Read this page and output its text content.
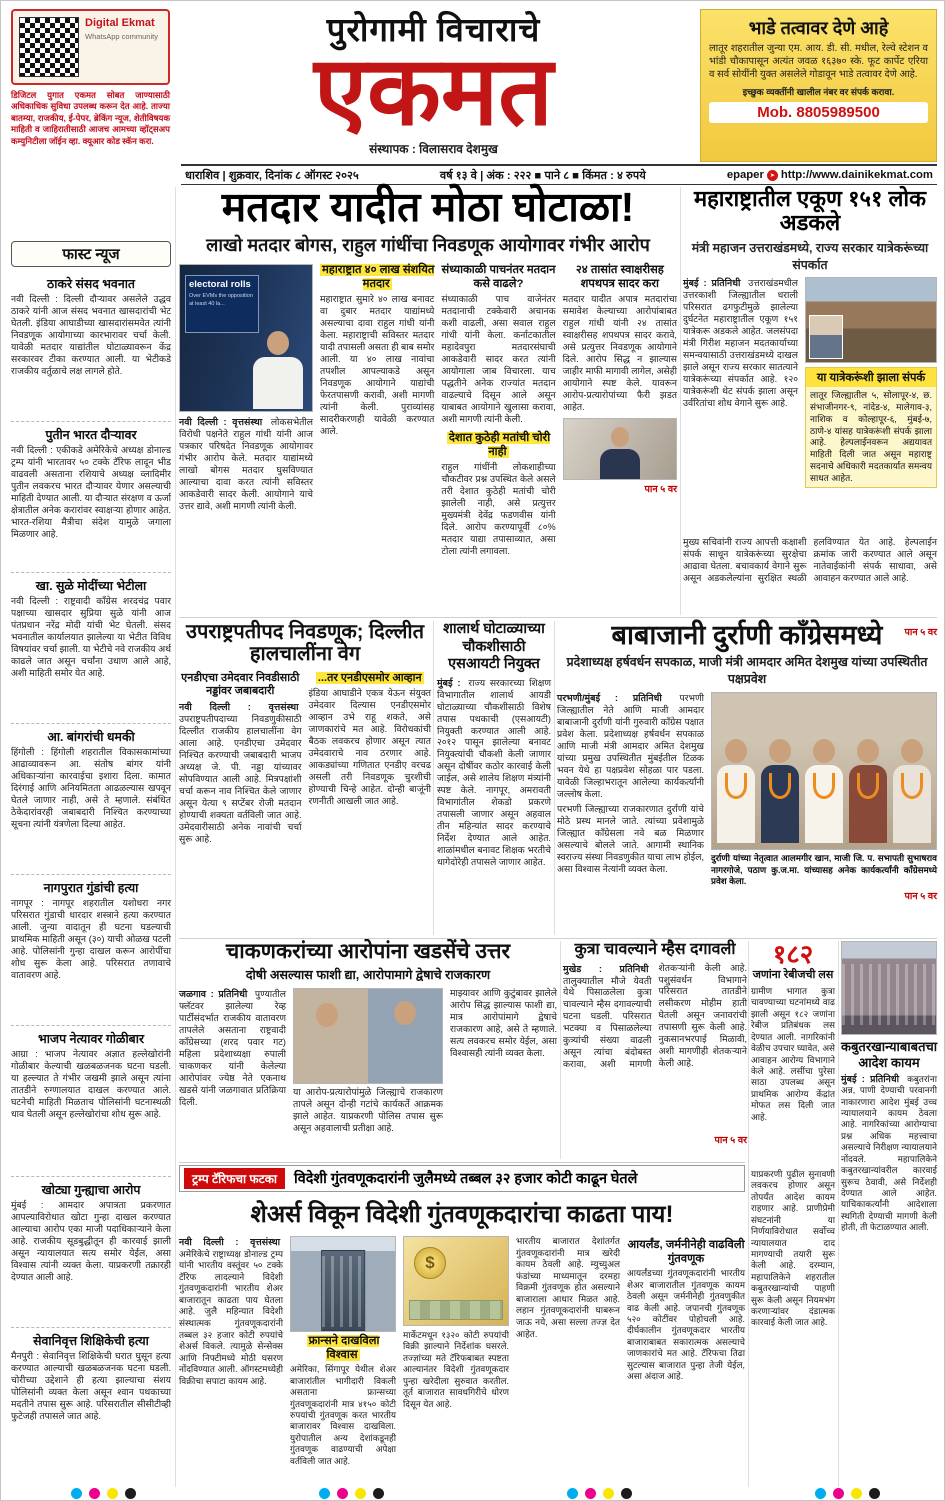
Digital Ekmat
WhatsApp community

डिजिटल युगात एकमत सोबत जाण्यासाठी अधिकाधिक सुविधा उपलब्ध करून देत आहे. ताज्या बातम्या, राजकीय, ई-पेपर, ब्रेकिंग न्यूज, शेतीविषयक माहिती व जाहिरातीसाठी आजच आमच्या व्हॉट्सअप कम्युनिटीला जॉईन व्हा. क्यूआर कोड स्कॅन करा.

पुरोगामी विचाराचे
एकमत
संस्थापक : विलासराव देशमुख
भाडे तत्वावर देणे आहे

लातूर शहरातील जुन्या एम. आय. डी. सी. मधील, रेल्वे स्टेशन व भांडी चौकापासून अत्यंत जवळ १६३७० स्के. फूट कार्पेट एरिया व सर्व सोयींनी युक्त असलेले गोडावून भाडे तत्वावर देणे आहे.

इच्छुक व्यक्तींनी खालील नंबर वर संपर्क करावा.
Mob. 8805989500
धाराशिव | शुक्रवार, दिनांक ८ ऑगस्ट २०२५	वर्ष १३ वे | अंक : २२२ ■ पाने ८ ■ किंमत : ४ रुपये	epaper ➤ http://www.dainikekmat.com
फास्ट न्यूज
ठाकरे संसद भवनात

नवी दिल्ली : दिल्ली दौऱ्यावर असलेले उद्धव ठाकरे यांनी आज संसद भवनात खासदारांची भेट घेतली. इंडिया आघाडीच्या खासदारांसमवेत त्यांनी निवडणूक आयोगाच्या कारभारावर चर्चा केली. यावेळी मतदार याद्यांतील घोटाळ्यावरून केंद्र सरकारवर टीका करण्यात आली. या भेटीकडे राजकीय वर्तुळाचे लक्ष लागले होते.

पुतीन भारत दौऱ्यावर

नवी दिल्ली : एकीकडे अमेरिकेचे अध्यक्ष डोनाल्ड ट्रम्प यांनी भारतावर ५० टक्के टॅरिफ लादून भीड वाढवली असताना रशियाचे अध्यक्ष व्लादिमीर पुतीन लवकरच भारत दौऱ्यावर येणार असल्याची माहिती देण्यात आली. या दौऱ्यात संरक्षण व ऊर्जा क्षेत्रातील अनेक करारांवर स्वाक्षऱ्या होणार आहेत. भारत-रशिया मैत्रीचा संदेश यामुळे जगाला मिळणार आहे.

खा. सुळे मोदींच्या भेटीला

नवी दिल्ली : राष्ट्रवादी काँग्रेस शरदचंद्र पवार पक्षाच्या खासदार सुप्रिया सुळे यांनी आज पंतप्रधान नरेंद्र मोदी यांची भेट घेतली. संसद भवनातील कार्यालयात झालेल्या या भेटीत विविध विषयांवर चर्चा झाली. या भेटीचे नवे राजकीय अर्थ काढले जात असून चर्चांना उधाण आले आहे, अशी माहिती समोर येत आहे.

आ. बांगरांची धमकी

हिंगोली : हिंगोली शहरातील विकासकामांच्या आढाव्यावरून आ. संतोष बांगर यांनी अधिकाऱ्यांना कारवाईचा इशारा दिला. कामात दिरंगाई आणि अनियमितता आढळल्यास खपवून घेतले जाणार नाही, असे ते म्हणाले. संबंधित ठेकेदारांवरही जबाबदारी निश्चित करण्याच्या सूचना त्यांनी यंत्रणेला दिल्या आहेत.

नागपुरात गुंडांची हत्या

नागपूर : नागपूर शहरातील यशोधरा नगर परिसरात गुंडाची धारदार शस्त्राने हत्या करण्यात आली. जुन्या वादातून ही घटना घडल्याची प्राथमिक माहिती असून (३०) याची ओळख पटली आहे. पोलिसांनी गुन्हा दाखल करून आरोपींचा शोध सुरू केला आहे. परिसरात तणावाचे वातावरण आहे.

भाजप नेत्यावर गोळीबार

आग्रा : भाजप नेत्यावर अज्ञात हल्लेखोरांनी गोळीबार केल्याची खळबळजनक घटना घडली. या हल्ल्यात ते गंभीर जखमी झाले असून त्यांना तातडीने रुग्णालयात दाखल करण्यात आले. घटनेची माहिती मिळताच पोलिसांनी घटनास्थळी धाव घेतली असून हल्लेखोरांचा शोध सुरू आहे.

खोट्या गुन्ह्याचा आरोप

मुंबई : आमदार अपात्रता प्रकरणात आपल्याविरोधात खोटा गुन्हा दाखल करण्यात आल्याचा आरोप एका माजी पदाधिकाऱ्याने केला आहे. राजकीय सूडबुद्धीतून ही कारवाई झाली असून न्यायालयात सत्य समोर येईल, असा विश्वास त्यांनी व्यक्त केला. याप्रकरणी तक्रारही देण्यात आली आहे.

सेवानिवृत्त शिक्षिकेची हत्या

मैनपुरी : सेवानिवृत्त शिक्षिकेची घरात घुसून हत्या करण्यात आल्याची खळबळजनक घटना घडली. चोरीच्या उद्देशाने ही हत्या झाल्याचा संशय पोलिसांनी व्यक्त केला असून श्वान पथकाच्या मदतीने तपास सुरू आहे. परिसरातील सीसीटीव्ही फुटेजही तपासले जात आहे.

मतदार यादीत मोठा घोटाळा!
लाखो मतदार बोगस, राहुल गांधींचा निवडणूक आयोगावर गंभीर आरोप
electoral rolls
Over EVMs the opposition at least 40 la...

नवी दिल्ली : वृत्तसंस्था लोकसभेतील विरोधी पक्षनेते राहुल गांधी यांनी आज पत्रकार परिषदेत निवडणूक आयोगावर गंभीर आरोप केले. मतदार याद्यांमध्ये लाखो बोगस मतदार घुसविण्यात आल्याचा दावा करत त्यांनी सविस्तर आकडेवारी सादर केली. आयोगाने याचे उत्तर द्यावे, अशी मागणी त्यांनी केली.

महाराष्ट्रात ४० लाख संशयित मतदार

महाराष्ट्रात सुमारे ४० लाख बनावट वा दुबार मतदार याद्यांमध्ये असल्याचा दावा राहुल गांधी यांनी केला. महाराष्ट्राची सविस्तर मतदार यादी तपासली असता ही बाब समोर आली. या ४० लाख नावांचा तपशील आपल्याकडे असून निवडणूक आयोगाने याद्यांची फेरतपासणी करावी, अशी मागणी त्यांनी केली. पुराव्यांसह सादरीकरणही यावेळी करण्यात आले.

संध्याकाळी पाचनंतर मतदान कसे वाढले?

संध्याकाळी पाच वाजेनंतर मतदानाची टक्केवारी अचानक कशी वाढली, असा सवाल राहुल गांधी यांनी केला. कर्नाटकातील महादेवपुरा मतदारसंघाची आकडेवारी सादर करत त्यांनी आयोगाला जाब विचारला. याच पद्धतीने अनेक राज्यांत मतदान वाढल्याचे दिसून आले असून याबाबत आयोगाने खुलासा करावा, अशी मागणी त्यांनी केली.

देशात कुठेही मतांची चोरी नाही

राहुल गांधींनी लोकशाहीच्या चौकटीवर प्रश्न उपस्थित केले असले तरी देशात कुठेही मतांची चोरी झालेली नाही, असे प्रत्युत्तर मुख्यमंत्री देवेंद्र फडणवीस यांनी दिले. आरोप करण्यापूर्वी ८०% मतदार याद्या तपासाव्यात, असा टोला त्यांनी लगावला.

२४ तासांत स्वाक्षरीसह शपथपत्र सादर करा

मतदार यादीत अपात्र मतदारांचा समावेश केल्याच्या आरोपांबाबत राहुल गांधी यांनी २४ तासांत स्वाक्षरीसह शपथपत्र सादर करावे, असे प्रत्युत्तर निवडणूक आयोगाने दिले. आरोप सिद्ध न झाल्यास जाहीर माफी मागावी लागेल, असेही आयोगाने स्पष्ट केले. यावरून आरोप-प्रत्यारोपांच्या फैरी झडत आहेत.

पान ५ वर
महाराष्ट्रातील एकूण १५१ लोक अडकले
मंत्री महाजन उत्तराखंडमध्ये, राज्य सरकार यात्रेकरूंच्या संपर्कात

मुंबई : प्रतिनिधी उत्तराखंडमधील उत्तरकाशी जिल्ह्यातील धराली परिसरात ढगफुटीमुळे झालेल्या दुर्घटनेत महाराष्ट्रातील एकूण १५१ यात्रेकरू अडकले आहेत. जलसंपदा मंत्री गिरीश महाजन मदतकार्याच्या समन्वयासाठी उत्तराखंडमध्ये दाखल झाले असून राज्य सरकार सातत्याने यात्रेकरूंच्या संपर्कात आहे. १२० यात्रेकरूंशी थेट संपर्क झाला असून उर्वरितांचा शोध वेगाने सुरू आहे.

या यात्रेकरूंशी झाला संपर्क

लातूर जिल्ह्यातील ५, सोलापूर-४, छ. संभाजीनगर-९, नांदेड-४, मालेगाव-३, नाशिक व कोल्हापूर-६, मुंबई-७, ठाणे-४ यांसह यात्रेकरूंशी संपर्क झाला आहे. हेल्पलाईनवरून अद्ययावत माहिती दिली जात असून महाराष्ट्र सदनाचे अधिकारी मदतकार्यात समन्वय साधत आहेत.

मुख्य सचिवांनी राज्य आपत्ती कक्षाशी संपर्क साधून यात्रेकरूंच्या सुरक्षेचा आढावा घेतला. बचावकार्य वेगाने सुरू असून अडकलेल्यांना सुरक्षित स्थळी हलविण्यात येत आहे. हेल्पलाईन क्रमांक जारी करण्यात आले असून नातेवाईकांनी संपर्क साधावा, असे आवाहन करण्यात आले आहे.

पान ५ वर
उपराष्ट्रपतीपद निवडणूक; दिल्लीत हालचालींना वेग
एनडीएचा उमेदवार निवडीसाठी नड्डांवर जबाबदारी

नवी दिल्ली : वृत्तसंस्था उपराष्ट्रपतीपदाच्या निवडणुकीसाठी दिल्लीत राजकीय हालचालींना वेग आला आहे. एनडीएचा उमेदवार निश्चित करण्याची जबाबदारी भाजप अध्यक्ष जे. पी. नड्डा यांच्यावर सोपविण्यात आली आहे. मित्रपक्षांशी चर्चा करून नाव निश्चित केले जाणार असून येत्या ९ सप्टेंबर रोजी मतदान होण्याची शक्यता वर्तविली जात आहे. उमेदवारीसाठी अनेक नावांची चर्चा सुरू आहे.

...तर एनडीएसमोर आव्हान

इंडिया आघाडीने एकत्र येऊन संयुक्त उमेदवार दिल्यास एनडीएसमोर आव्हान उभे राहू शकते, असे जाणकारांचे मत आहे. विरोधकांची बैठक लवकरच होणार असून त्यात उमेदवाराचे नाव ठरणार आहे. आकड्यांच्या गणितात एनडीए वरचढ असली तरी निवडणूक चुरशीची होण्याची चिन्हे आहेत. दोन्ही बाजूंनी रणनीती आखली जात आहे.

शालार्थ घोटाळ्याच्या चौकशीसाठी एसआयटी नियुक्त

मुंबई : राज्य सरकारच्या शिक्षण विभागातील शालार्थ आयडी घोटाळ्याच्या चौकशीसाठी विशेष तपास पथकाची (एसआयटी) नियुक्ती करण्यात आली आहे. २०१२ पासून झालेल्या बनावट नियुक्त्यांची चौकशी केली जाणार असून दोषींवर कठोर कारवाई केली जाईल, असे शालेय शिक्षण मंत्र्यांनी स्पष्ट केले. नागपूर, अमरावती विभागांतील शेकडो प्रकरणे तपासली जाणार असून अहवाल तीन महिन्यांत सादर करण्याचे निर्देश देण्यात आले आहेत. शाळांमधील बनावट शिक्षक भरतीचे धागेदोरेही तपासले जाणार आहेत.

बाबाजानी दुर्राणी काँग्रेसमध्ये
प्रदेशाध्यक्ष हर्षवर्धन सपकाळ, माजी मंत्री आमदार अमित देशमुख यांच्या उपस्थितीत पक्षप्रवेश

परभणी/मुंबई : प्रतिनिधी परभणी जिल्ह्यातील नेते आणि माजी आमदार बाबाजानी दुर्राणी यांनी गुरुवारी काँग्रेस पक्षात प्रवेश केला. प्रदेशाध्यक्ष हर्षवर्धन सपकाळ आणि माजी मंत्री आमदार अमित देशमुख यांच्या प्रमुख उपस्थितीत मुंबईतील टिळक भवन येथे हा पक्षप्रवेश सोहळा पार पडला. यावेळी जिल्हाभरातून आलेल्या कार्यकर्त्यांनी जल्लोष केला.

परभणी जिल्ह्याच्या राजकारणात दुर्राणी यांचे मोठे प्रस्थ मानले जाते. त्यांच्या प्रवेशामुळे जिल्ह्यात काँग्रेसला नवे बळ मिळणार असल्याचे बोलले जाते. आगामी स्थानिक स्वराज्य संस्था निवडणुकीत याचा लाभ होईल, असा विश्वास नेत्यांनी व्यक्त केला.

दुर्राणी यांच्या नेतृत्वात आलमगीर खान, माजी जि. प. सभापती सुभाषराव नागरगोजे, पठाण कु.ज.मा. यांच्यासह अनेक कार्यकर्त्यांनी काँग्रेसमध्ये प्रवेश केला.

पान ५ वर
चाकणकरांच्या आरोपांना खडसेंचे उत्तर
दोषी असल्यास फाशी द्या, आरोपामागे द्वेषाचे राजकारण

जळगाव : प्रतिनिधी पुण्यातील फ्लॅटवर झालेल्या रेव्ह पार्टीसंदर्भात राजकीय वातावरण तापलेले असताना राष्ट्रवादी काँग्रेसच्या (शरद पवार गट) महिला प्रदेशाध्यक्षा रुपाली चाकणकर यांनी केलेल्या आरोपांवर ज्येष्ठ नेते एकनाथ खडसे यांनी जळगावात प्रतिक्रिया दिली.

या आरोप-प्रत्यारोपांमुळे जिल्ह्याचे राजकारण तापले असून दोन्ही गटांचे कार्यकर्ते आक्रमक झाले आहेत. याप्रकरणी पोलिस तपास सुरू असून अहवालाची प्रतीक्षा आहे.

माझ्यावर आणि कुटुंबावर झालेले आरोप सिद्ध झाल्यास फाशी द्या, मात्र आरोपांमागे द्वेषाचे राजकारण आहे, असे ते म्हणाले. सत्य लवकरच समोर येईल, असा विश्वासही त्यांनी व्यक्त केला.

कुत्रा चावल्याने म्हैस दगावली

मुखेड : प्रतिनिधी तालुक्यातील मौजे येवती येथे पिसाळलेला कुत्रा चावल्याने म्हैस दगावल्याची घटना घडली. परिसरात भटक्या व पिसाळलेल्या कुत्र्यांची संख्या वाढली असून त्यांचा बंदोबस्त करावा, अशी मागणी शेतकऱ्यांनी केली आहे. पशुसंवर्धन विभागाने परिसरात तातडीने लसीकरण मोहीम हाती घेतली असून जनावरांची तपासणी सुरू केली आहे. नुकसानभरपाई मिळावी, अशी मागणीही शेतकऱ्याने केली आहे.

पान ५ वर
१८२
जणांना रेबीजची लस

ग्रामीण भागात कुत्रा चावण्याच्या घटनांमध्ये वाढ झाली असून १८२ जणांना रेबीज प्रतिबंधक लस देण्यात आली. नागरिकांनी वेळीच उपचार घ्यावेत, असे आवाहन आरोग्य विभागाने केले आहे. लसींचा पुरेसा साठा उपलब्ध असून प्राथमिक आरोग्य केंद्रांत मोफत लस दिली जात आहे.

कबुतरखान्याबाबतचा आदेश कायम

मुंबई : प्रतिनिधी कबुतरांना अन्न, पाणी देण्याची परवानगी नाकारणारा आदेश मुंबई उच्च न्यायालयाने कायम ठेवला आहे. नागरिकांच्या आरोग्याचा प्रश्न अधिक महत्त्वाचा असल्याचे निरीक्षण न्यायालयाने नोंदवले. महापालिकेने कबुतरखान्यांवरील कारवाई सुरूच ठेवावी, असे निर्देशही देण्यात आले आहेत. याचिकाकर्त्यांनी आदेशाला स्थगिती देण्याची मागणी केली होती, ती फेटाळण्यात आली.

याप्रकरणी पुढील सुनावणी लवकरच होणार असून तोपर्यंत आदेश कायम राहणार आहे. प्राणीप्रेमी संघटनांनी या निर्णयाविरोधात सर्वोच्च न्यायालयात दाद मागण्याची तयारी सुरू केली आहे. दरम्यान, महापालिकेने शहरातील कबुतरखान्यांची पाहणी सुरू केली असून नियमभंग करणाऱ्यांवर दंडात्मक कारवाई केली जात आहे.

ट्रम्प टॅरिफचा फटका	विदेशी गुंतवणूकदारांनी जुलैमध्ये तब्बल ३२ हजार कोटी काढून घेतले
शेअर्स विकून विदेशी गुंतवणूकदारांचा काढता पाय!

नवी दिल्ली : वृत्तसंस्था अमेरिकेचे राष्ट्राध्यक्ष डोनाल्ड ट्रम्प यांनी भारतीय वस्तूंवर ५० टक्के टॅरिफ लादल्याने विदेशी गुंतवणूकदारांनी भारतीय शेअर बाजारातून काढता पाय घेतला आहे. जुलै महिन्यात विदेशी संस्थात्मक गुंतवणूकदारांनी तब्बल ३२ हजार कोटी रुपयांचे शेअर्स विकले. त्यामुळे सेन्सेक्स आणि निफ्टीमध्ये मोठी घसरण नोंदविण्यात आली. ऑगस्टमध्येही विक्रीचा सपाटा कायम आहे.

फ्रान्सने दाखविला विश्वास

अमेरिका, सिंगापूर येथील शेअर बाजारांतील भागीदारी विकली असताना फ्रान्सच्या गुंतवणूकदारांनी मात्र ४१५० कोटी रुपयांची गुंतवणूक करत भारतीय बाजारावर विश्वास दाखविला. युरोपातील अन्य देशांकडूनही गुंतवणूक वाढण्याची अपेक्षा वर्तविली जात आहे.

$

मार्केटमधून १३२० कोटी रुपयांची विक्री झाल्याने निर्देशांक घसरले. तज्ज्ञांच्या मते टॅरिफबाबत स्पष्टता आल्यानंतर विदेशी गुंतवणूकदार पुन्हा खरेदीला सुरुवात करतील. तूर्त बाजारात सावधगिरीचे धोरण दिसून येत आहे.

भारतीय बाजारात देशांतर्गत गुंतवणूकदारांनी मात्र खरेदी कायम ठेवली आहे. म्युच्युअल फंडांच्या माध्यमातून दरमहा विक्रमी गुंतवणूक होत असल्याने बाजाराला आधार मिळत आहे. लहान गुंतवणूकदारांनी घाबरून जाऊ नये, असा सल्ला तज्ज्ञ देत आहेत.

आयर्लंड, जर्मनीनेही वाढविली गुंतवणूक

आयर्लंडच्या गुंतवणूकदारांनी भारतीय शेअर बाजारातील गुंतवणूक कायम ठेवली असून जर्मनीनेही गुंतवणुकीत वाढ केली आहे. जपानची गुंतवणूक ५२० कोटींवर पोहोचली आहे. दीर्घकालीन गुंतवणूकदार भारतीय बाजाराबाबत सकारात्मक असल्याचे जाणकारांचे मत आहे. टॅरिफचा तिढा सुटल्यास बाजारात पुन्हा तेजी येईल, असा अंदाज आहे.
